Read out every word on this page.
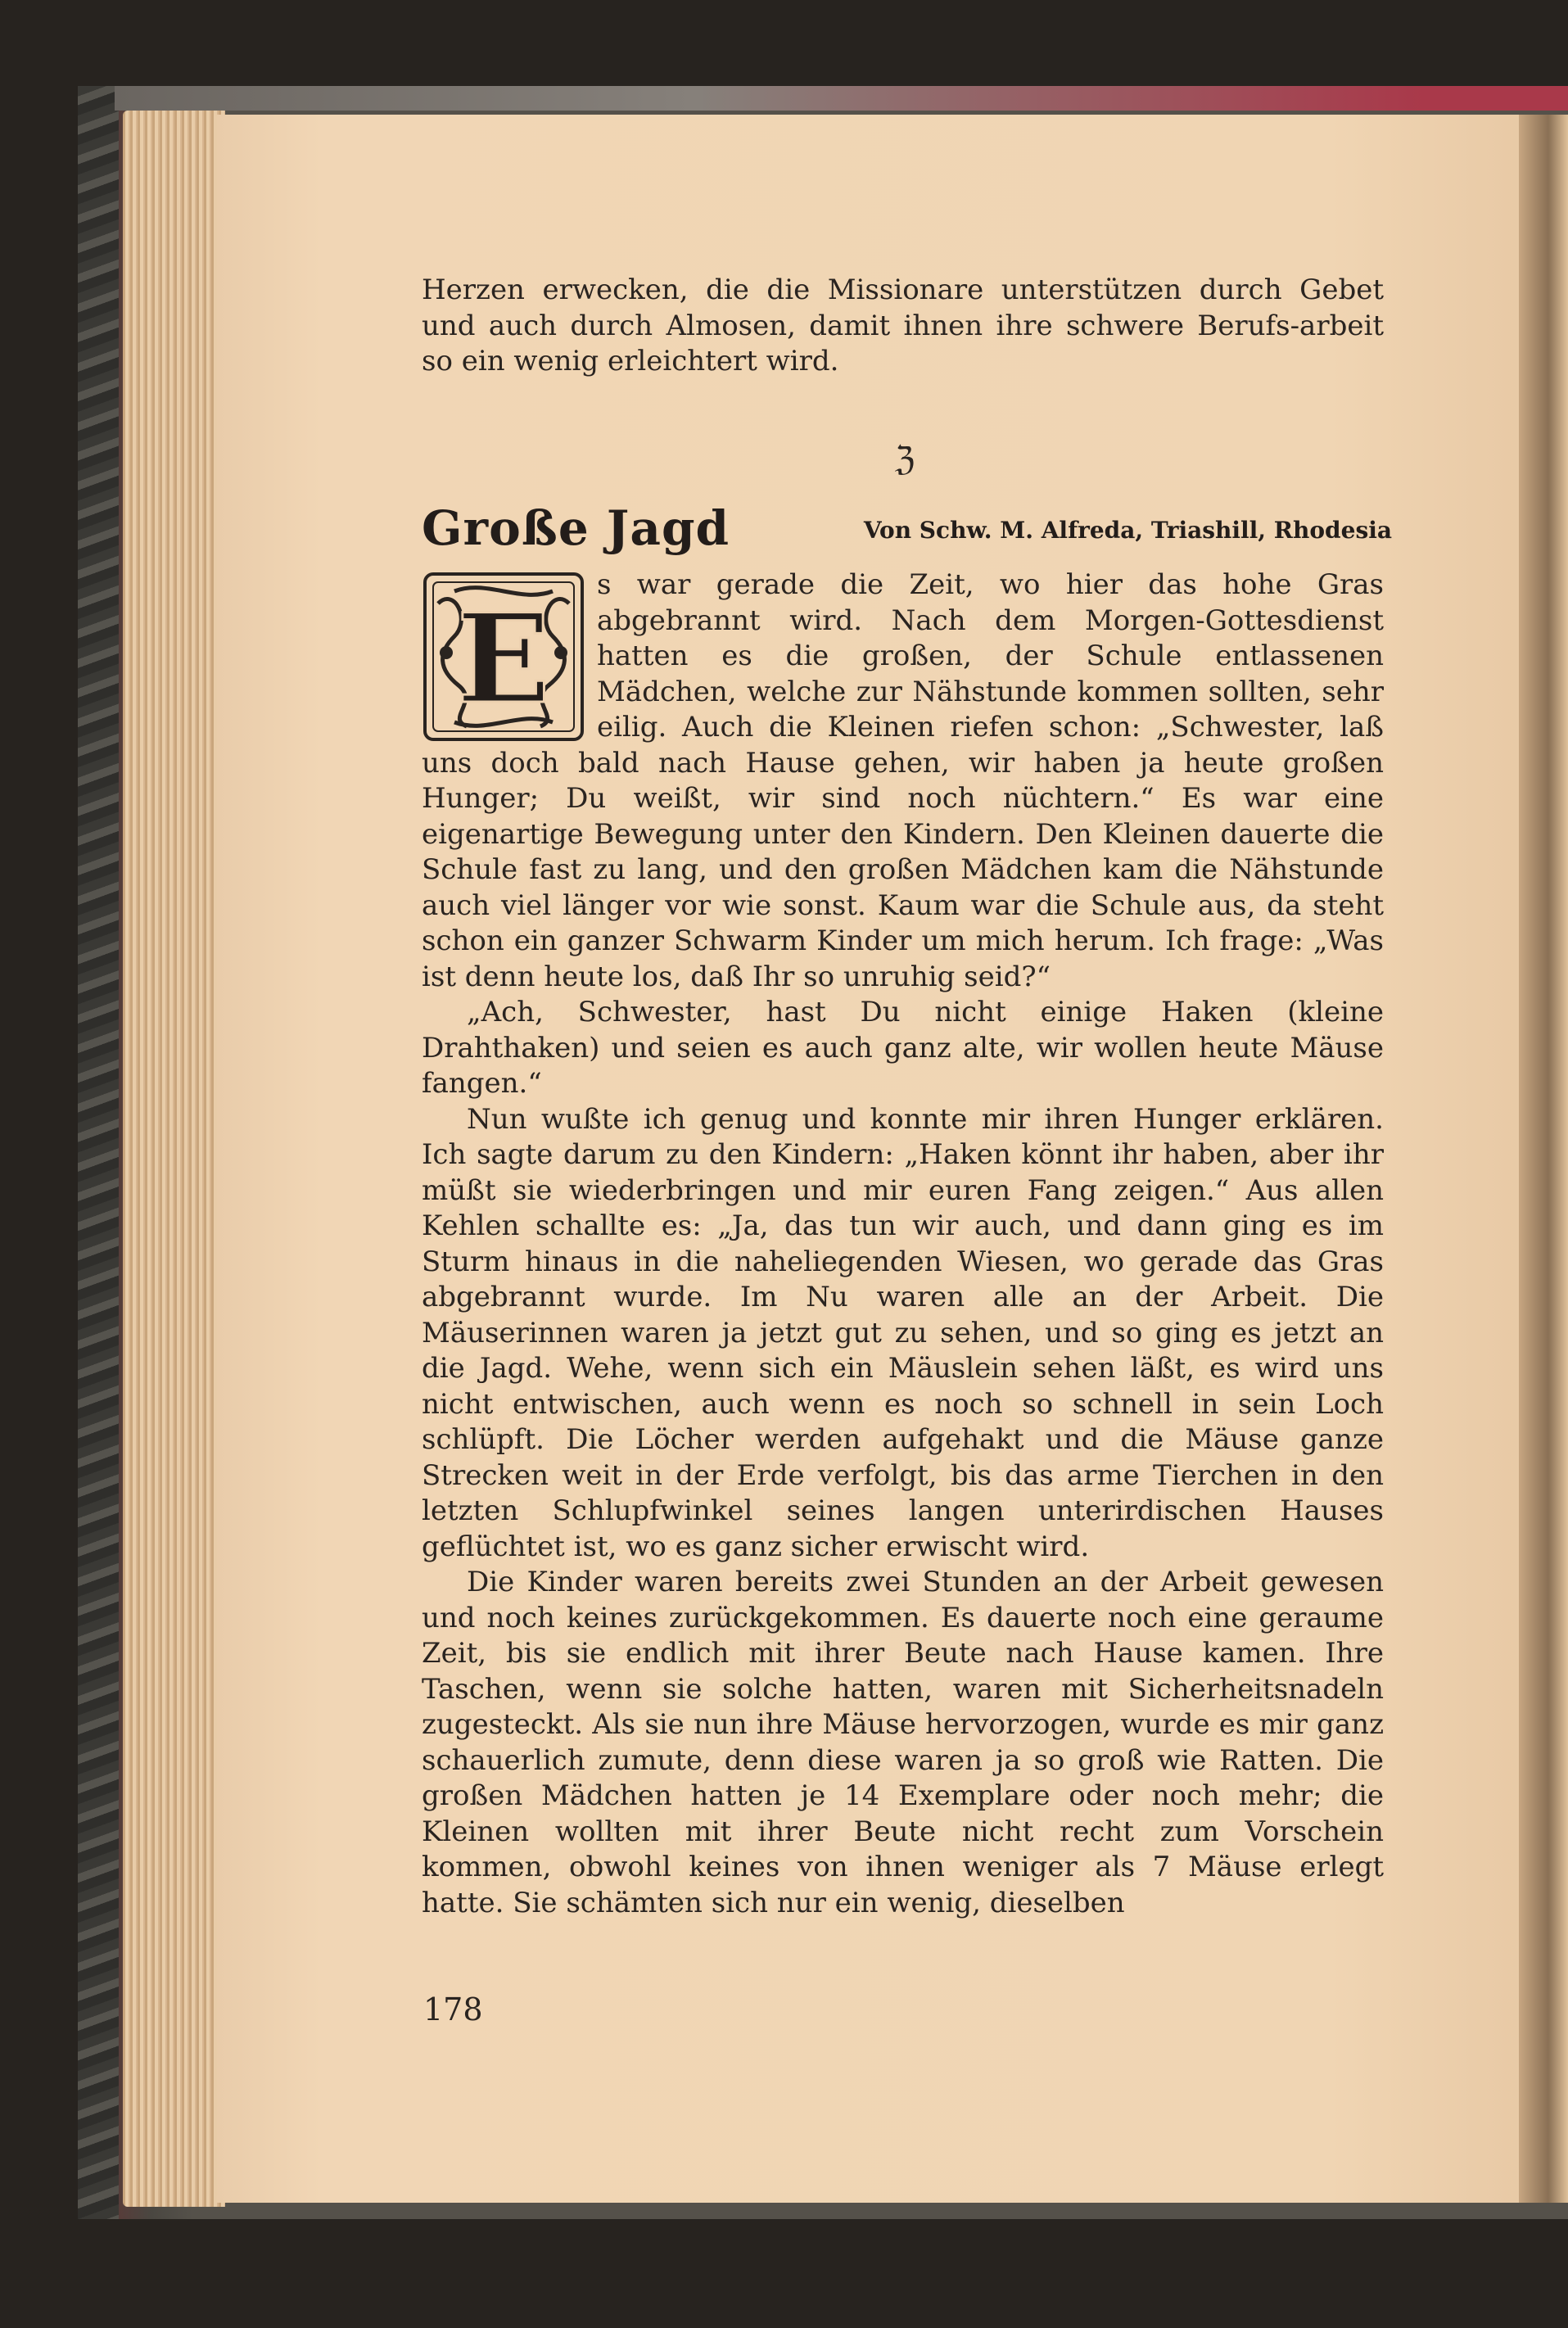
Herzen erwecken, die die Missionare unterstützen durch Gebet und auch durch Almosen, damit ihnen ihre schwere Berufs-arbeit so ein wenig erleichtert wird.

ℨ
Große Jagd	Von Schw. M. Alfreda, Triashill, Rhodesia
E

s war gerade die Zeit, wo hier das hohe Gras abgebrannt wird. Nach dem Morgen-Gottesdienst hatten es die großen, der Schule entlassenen Mädchen, welche zur Nähstunde kommen sollten, sehr eilig. Auch die Kleinen riefen schon: „Schwester, laß uns doch bald nach Hause gehen, wir haben ja heute großen Hunger; Du weißt, wir sind noch nüchtern.“ Es war eine eigenartige Bewegung unter den Kindern. Den Kleinen dauerte die Schule fast zu lang, und den großen Mädchen kam die Nähstunde auch viel länger vor wie sonst. Kaum war die Schule aus, da steht schon ein ganzer Schwarm Kinder um mich herum. Ich frage: „Was ist denn heute los, daß Ihr so unruhig seid?“

„Ach, Schwester, hast Du nicht einige Haken (kleine Drahthaken) und seien es auch ganz alte, wir wollen heute Mäuse fangen.“

Nun wußte ich genug und konnte mir ihren Hunger erklären. Ich sagte darum zu den Kindern: „Haken könnt ihr haben, aber ihr müßt sie wiederbringen und mir euren Fang zeigen.“ Aus allen Kehlen schallte es: „Ja, das tun wir auch, und dann ging es im Sturm hinaus in die naheliegenden Wiesen, wo gerade das Gras abgebrannt wurde. Im Nu waren alle an der Arbeit. Die Mäuserinnen waren ja jetzt gut zu sehen, und so ging es jetzt an die Jagd. Wehe, wenn sich ein Mäuslein sehen läßt, es wird uns nicht entwischen, auch wenn es noch so schnell in sein Loch schlüpft. Die Löcher werden aufgehakt und die Mäuse ganze Strecken weit in der Erde verfolgt, bis das arme Tierchen in den letzten Schlupfwinkel seines langen unterirdischen Hauses geflüchtet ist, wo es ganz sicher erwischt wird.

Die Kinder waren bereits zwei Stunden an der Arbeit gewesen und noch keines zurückgekommen. Es dauerte noch eine geraume Zeit, bis sie endlich mit ihrer Beute nach Hause kamen. Ihre Taschen, wenn sie solche hatten, waren mit Sicherheitsnadeln zugesteckt. Als sie nun ihre Mäuse hervorzogen, wurde es mir ganz schauerlich zumute, denn diese waren ja so groß wie Ratten. Die großen Mädchen hatten je 14 Exemplare oder noch mehr; die Kleinen wollten mit ihrer Beute nicht recht zum Vorschein kommen, obwohl keines von ihnen weniger als 7 Mäuse erlegt hatte. Sie schämten sich nur ein wenig, dieselben

178
